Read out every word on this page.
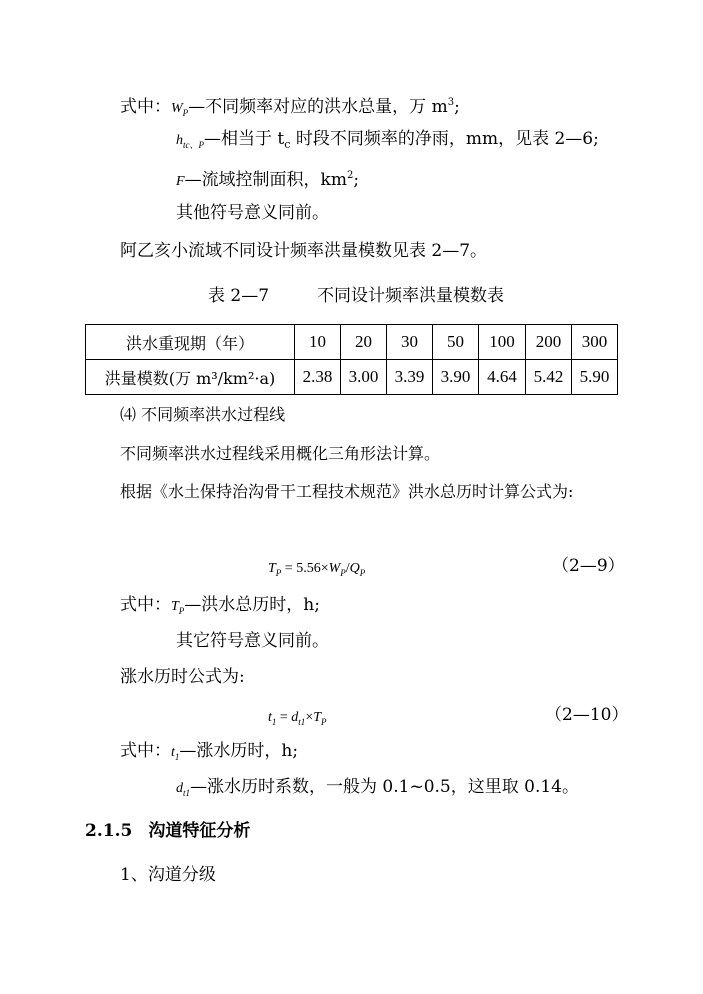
式中：$W_P—$不同频率对应的洪水总量，万 $m^3$;
$h_{tc、P}—$相当于 $t_c$ 时段不同频率的净雨，mm，见表 2—6;
F—流域控制面积，$km^2$;
其他符号意义同前。
阿乙亥小流域不同设计频率洪量模数见表 2—7。
表 2—7	不同设计频率洪量模数表
洪水重现期（年）	10	20	30	50	100	200	300
洪量模数(万 m³/km²·a)	2.38	3.00	3.39	3.90	4.64	5.42	5.90
⑷ 不同频率洪水过程线
不同频率洪水过程线采用概化三角形法计算。
根据《水土保持治沟骨干工程技术规范》洪水总历时计算公式为:
$T_P = 5.56\times W_P/Q_P$	（2—9）
式中：$T_P—$洪水总历时，h;
其它符号意义同前。
涨水历时公式为:
$t_1 = d_{t1}\times T_P$	（2—10）
式中：$t_1—$涨水历时，h;
$d_{t1}—$涨水历时系数，一般为 0.1~0.5，这里取 0.14。
2.1.5 沟道特征分析
1、沟道分级
